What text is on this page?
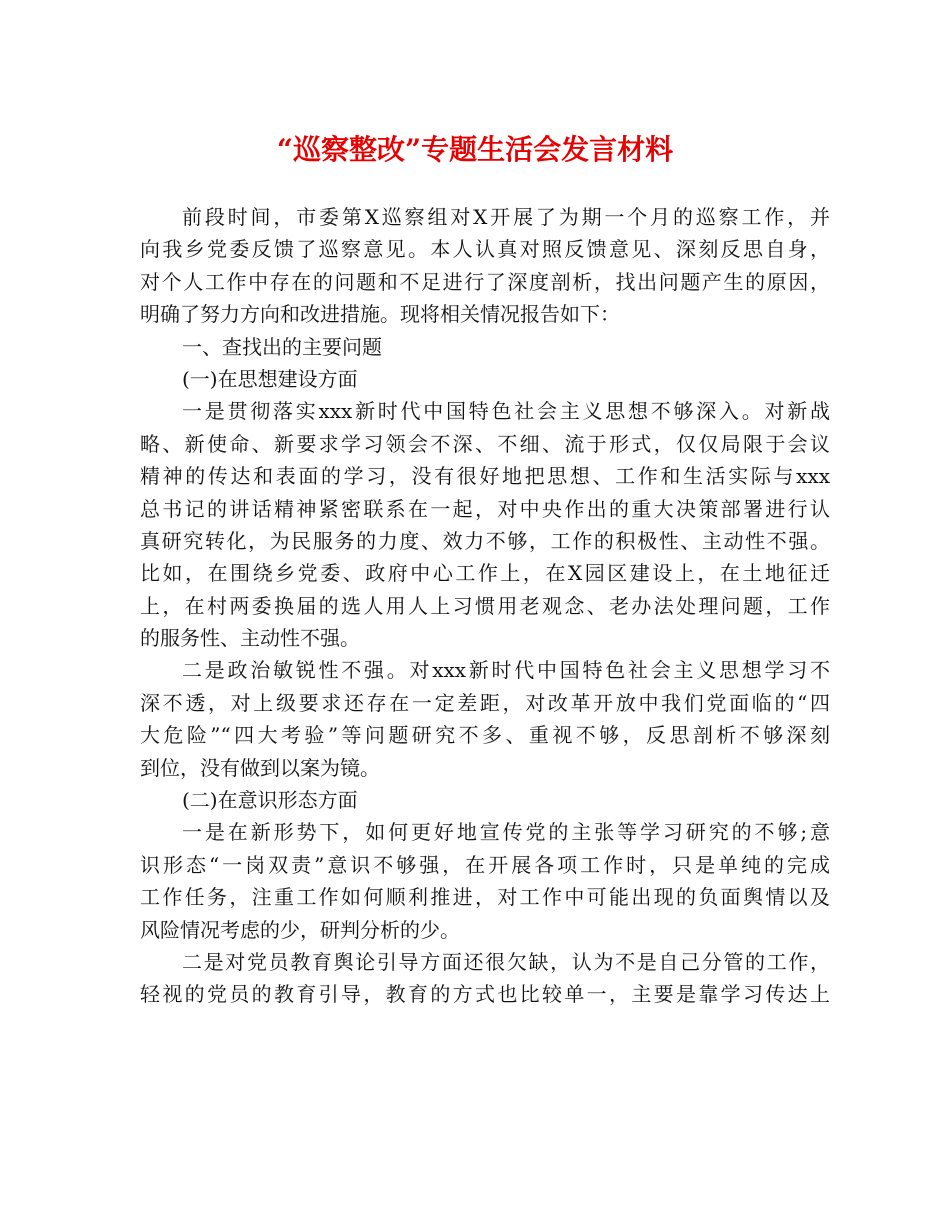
“巡察整改”专题生活会发言材料
前段时间，市委第X巡察组对X开展了为期一个月的巡察工作，并
向我乡党委反馈了巡察意见。本人认真对照反馈意见、深刻反思自身，
对个人工作中存在的问题和不足进行了深度剖析，找出问题产生的原因，
明确了努力方向和改进措施。现将相关情况报告如下：
一、查找出的主要问题
(一)在思想建设方面
一是贯彻落实xxx新时代中国特色社会主义思想不够深入。对新战
略、新使命、新要求学习领会不深、不细、流于形式，仅仅局限于会议
精神的传达和表面的学习，没有很好地把思想、工作和生活实际与xxx
总书记的讲话精神紧密联系在一起，对中央作出的重大决策部署进行认
真研究转化，为民服务的力度、效力不够，工作的积极性、主动性不强。
比如，在围绕乡党委、政府中心工作上，在X园区建设上，在土地征迁
上，在村两委换届的选人用人上习惯用老观念、老办法处理问题，工作
的服务性、主动性不强。
二是政治敏锐性不强。对xxx新时代中国特色社会主义思想学习不
深不透，对上级要求还存在一定差距，对改革开放中我们党面临的“四
大危险”“四大考验”等问题研究不多、重视不够，反思剖析不够深刻
到位，没有做到以案为镜。
(二)在意识形态方面
一是在新形势下，如何更好地宣传党的主张等学习研究的不够;意
识形态“一岗双责”意识不够强，在开展各项工作时，只是单纯的完成
工作任务，注重工作如何顺利推进，对工作中可能出现的负面舆情以及
风险情况考虑的少，研判分析的少。
二是对党员教育舆论引导方面还很欠缺，认为不是自己分管的工作，
轻视的党员的教育引导，教育的方式也比较单一，主要是靠学习传达上
